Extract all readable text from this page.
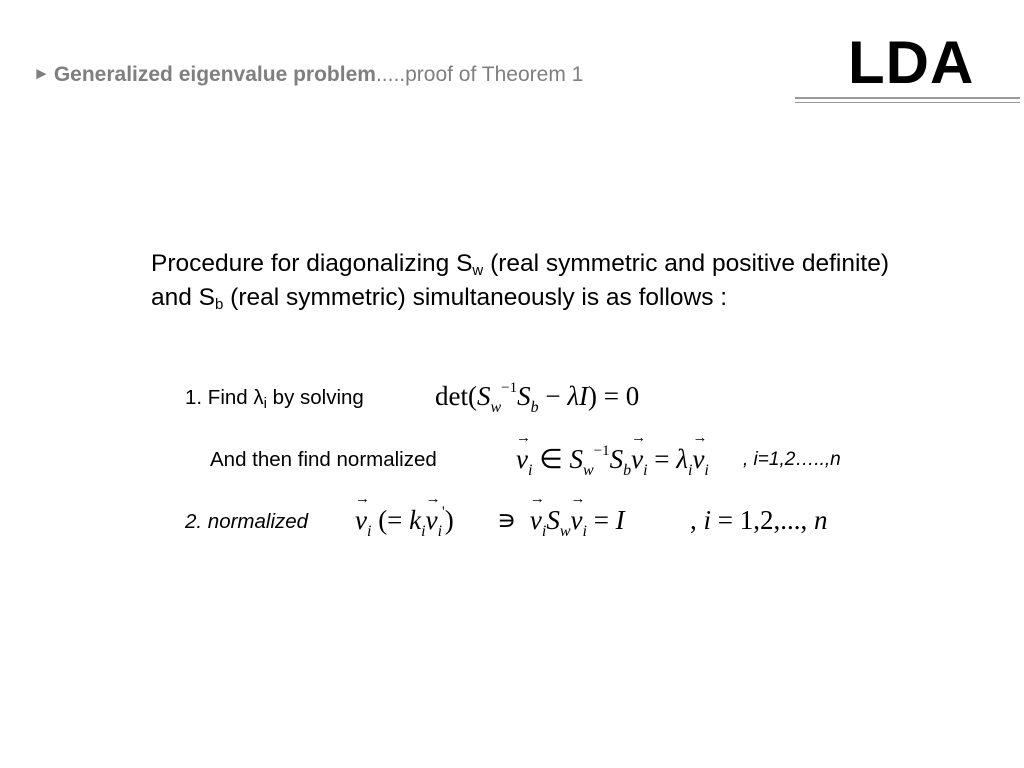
► Generalized eigenvalue problem.....proof of Theorem 1	LDA
Procedure for diagonalizing $S_w$ (real symmetric and positive definite) and $S_b$ (real symmetric) simultaneously is as follows :
1. Find $\lambda_i$ by solving	$\det(S_w^{-1}S_b - \lambda I) = 0$
And then find normalized	→ $v_i$ ∈ $S_w^{-1}S_b\to v_i = \lambda_i\to v_i$
, i=1,2…..,n
2. normalized → $v_i$ (= $k_i\to v_i'$) ∍  → $v_iS_w\to v_i = I$ , i = 1,2,..., n
